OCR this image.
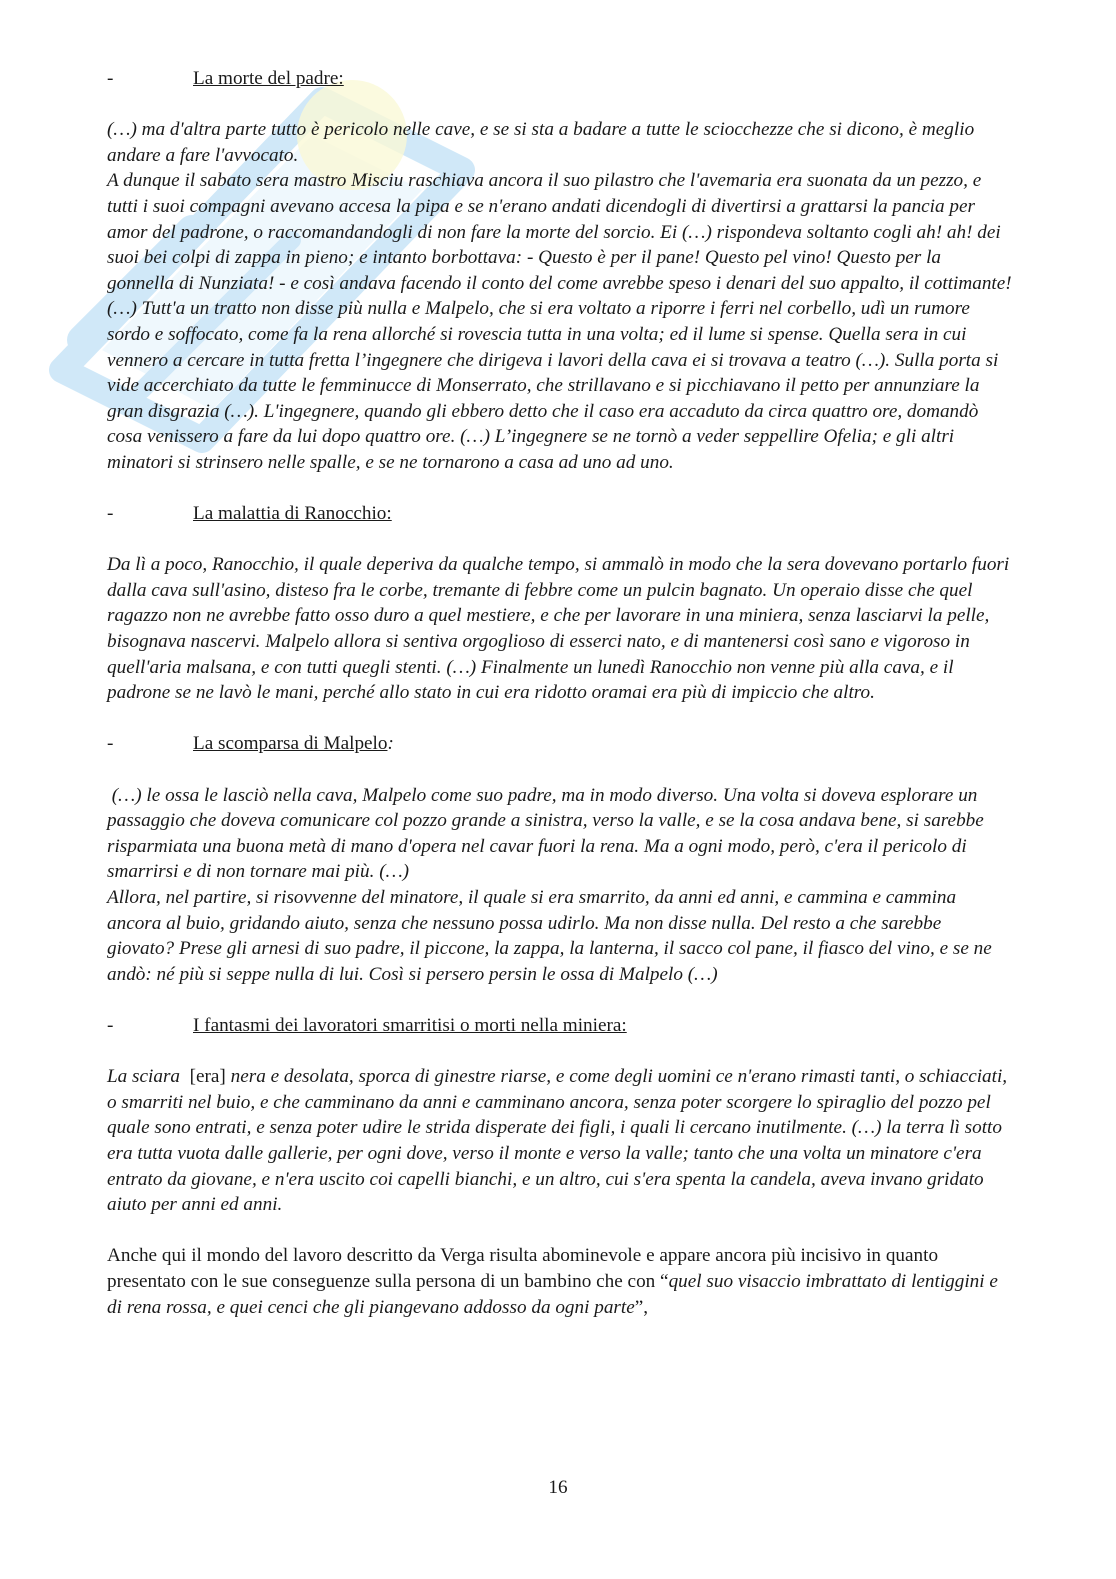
-	La morte del padre:

(…) ma d'altra parte tutto è pericolo nelle cave, e se si sta a badare a tutte le sciocchezze che si dicono, è meglio andare a fare l'avvocato.

A dunque il sabato sera mastro Misciu raschiava ancora il suo pilastro che l'avemaria era suonata da un pezzo, e tutti i suoi compagni avevano accesa la pipa e se n'erano andati dicendogli di divertirsi a grattarsi la pancia per amor del padrone, o raccomandandogli di non fare la morte del sorcio. Ei (…) rispondeva soltanto cogli ah! ah! dei suoi bei colpi di zappa in pieno; e intanto borbottava: - Questo è per il pane! Questo pel vino! Questo per la gonnella di Nunziata! - e così andava facendo il conto del come avrebbe speso i denari del suo appalto, il cottimante! (…) Tutt'a un tratto non disse più nulla e Malpelo, che si era voltato a riporre i ferri nel corbello, udì un rumore sordo e soffocato, come fa la rena allorché si rovescia tutta in una volta; ed il lume si spense. Quella sera in cui vennero a cercare in tutta fretta l’ingegnere che dirigeva i lavori della cava ei si trovava a teatro (…). Sulla porta si vide accerchiato da tutte le femminucce di Monserrato, che strillavano e si picchiavano il petto per annunziare la gran disgrazia (…). L'ingegnere, quando gli ebbero detto che il caso era accaduto da circa quattro ore, domandò cosa venissero a fare da lui dopo quattro ore. (…) L’ingegnere se ne tornò a veder seppellire Ofelia; e gli altri minatori si strinsero nelle spalle, e se ne tornarono a casa ad uno ad uno.

-	La malattia di Ranocchio:

Da lì a poco, Ranocchio, il quale deperiva da qualche tempo, si ammalò in modo che la sera dovevano portarlo fuori dalla cava sull'asino, disteso fra le corbe, tremante di febbre come un pulcin bagnato. Un operaio disse che quel ragazzo non ne avrebbe fatto osso duro a quel mestiere, e che per lavorare in una miniera, senza lasciarvi la pelle, bisognava nascervi. Malpelo allora si sentiva orgoglioso di esserci nato, e di mantenersi così sano e vigoroso in quell'aria malsana, e con tutti quegli stenti. (…) Finalmente un lunedì Ranocchio non venne più alla cava, e il padrone se ne lavò le mani, perché allo stato in cui era ridotto oramai era più di impiccio che altro.

-	La scomparsa di Malpelo:

(…) le ossa le lasciò nella cava, Malpelo come suo padre, ma in modo diverso. Una volta si doveva esplorare un passaggio che doveva comunicare col pozzo grande a sinistra, verso la valle, e se la cosa andava bene, si sarebbe risparmiata una buona metà di mano d'opera nel cavar fuori la rena. Ma a ogni modo, però, c'era il pericolo di smarrirsi e di non tornare mai più. (…)

Allora, nel partire, si risovvenne del minatore, il quale si era smarrito, da anni ed anni, e cammina e cammina ancora al buio, gridando aiuto, senza che nessuno possa udirlo. Ma non disse nulla. Del resto a che sarebbe giovato? Prese gli arnesi di suo padre, il piccone, la zappa, la lanterna, il sacco col pane, il fiasco del vino, e se ne andò: né più si seppe nulla di lui. Così si persero persin le ossa di Malpelo (…)

-	I fantasmi dei lavoratori smarritisi o morti nella miniera:

La sciara  [era] nera e desolata, sporca di ginestre riarse, e come degli uomini ce n'erano rimasti tanti, o schiacciati, o smarriti nel buio, e che camminano da anni e camminano ancora, senza poter scorgere lo spiraglio del pozzo pel quale sono entrati, e senza poter udire le strida disperate dei figli, i quali li cercano inutilmente. (…) la terra lì sotto era tutta vuota dalle gallerie, per ogni dove, verso il monte e verso la valle; tanto che una volta un minatore c'era entrato da giovane, e n'era uscito coi capelli bianchi, e un altro, cui s'era spenta la candela, aveva invano gridato aiuto per anni ed anni.

Anche qui il mondo del lavoro descritto da Verga risulta abominevole e appare ancora più incisivo in quanto presentato con le sue conseguenze sulla persona di un bambino che con “quel suo visaccio imbrattato di lentiggini e di rena rossa, e quei cenci che gli piangevano addosso da ogni parte”,

16
